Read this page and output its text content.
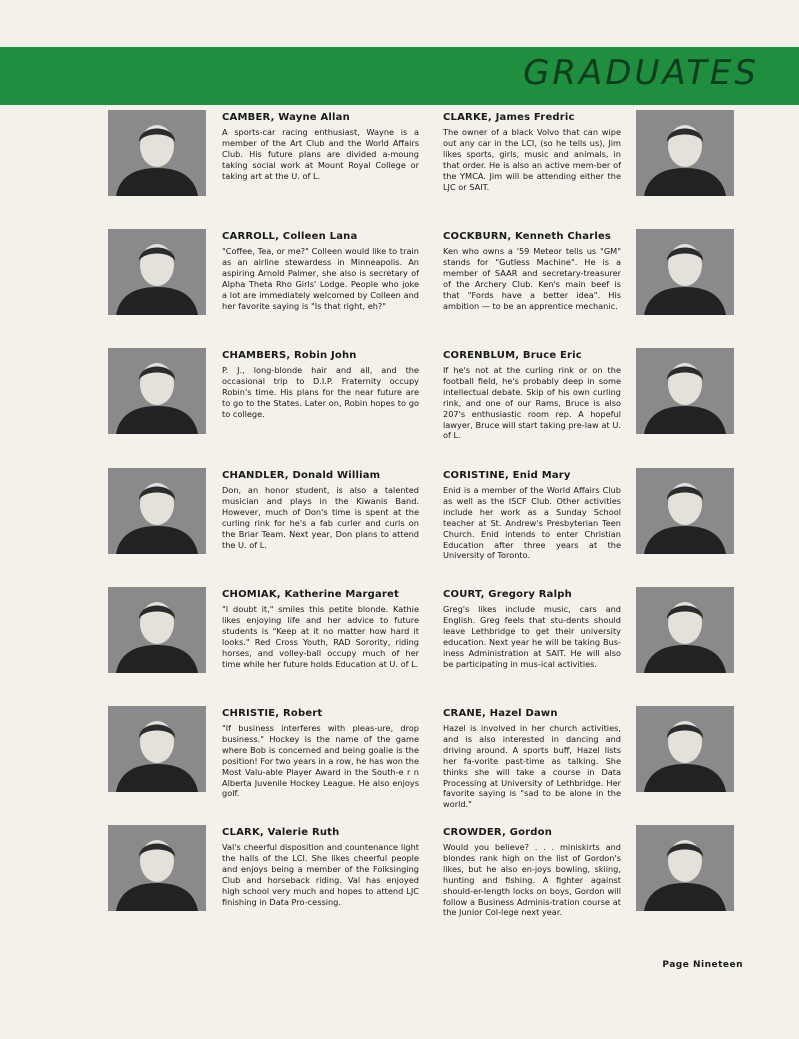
GRADUATES

CAMBER, Wayne Allan

A sports-car racing enthusiast, Wayne is a member of the Art Club and the World Affairs Club. His future plans are divided a-moung taking social work at Mount Royal College or taking art at the U. of L.

CARROLL, Colleen Lana

"Coffee, Tea, or me?" Colleen would like to train as an airline stewardess in Minneapolis. An aspiring Arnold Palmer, she also is secretary of Alpha Theta Rho Girls' Lodge. People who joke a lot are immediately welcomed by Colleen and her favorite saying is "Is that right, eh?"

CHAMBERS, Robin John

P. J., long-blonde hair and all, and the occasional trip to D.I.P. Fraternity occupy Robin's time. His plans for the near future are to go to the States. Later on, Robin hopes to go to college.

CHANDLER, Donald William

Don, an honor student, is also a talented musician and plays in the Kiwanis Band. However, much of Don's time is spent at the curling rink for he's a fab curler and curls on the Briar Team. Next year, Don plans to attend the U. of L.

CHOMIAK, Katherine Margaret

"I doubt it," smiles this petite blonde. Kathie likes enjoying life and her advice to future students is "Keep at it no matter how hard it looks." Red Cross Youth, RAD Sorority, riding horses, and volley-ball occupy much of her time while her future holds Education at U. of L.

CHRISTIE, Robert

"If business interferes with pleas-ure, drop business." Hockey is the name of the game where Bob is concerned and being goalie is the position! For two years in a row, he has won the Most Valu-able Player Award in the South-e r n Alberta Juvenile Hockey League. He also enjoys golf.

CLARK, Valerie Ruth

Val's cheerful disposition and countenance light the halls of the LCI. She likes cheerful people and enjoys being a member of the Folksinging Club and horseback riding. Val has enjoyed high school very much and hopes to attend LJC finishing in Data Pro-cessing.

CLARKE, James Fredric

The owner of a black Volvo that can wipe out any car in the LCI, (so he tells us), Jim likes sports, girls, music and animals, in that order. He is also an active mem-ber of the YMCA. Jim will be attending either the LJC or SAIT.

COCKBURN, Kenneth Charles

Ken who owns a '59 Meteor tells us "GM" stands for "Gutless Machine". He is a member of SAAR and secretary-treasurer of the Archery Club. Ken's main beef is that "Fords have a better idea". His ambition — to be an apprentice mechanic.

CORENBLUM, Bruce Eric

If he's not at the curling rink or on the football field, he's probably deep in some intellectual debate. Skip of his own curling rink, and one of our Rams, Bruce is also 207's enthusiastic room rep. A hopeful lawyer, Bruce will start taking pre-law at U. of L.

CORISTINE, Enid Mary

Enid is a member of the World Affairs Club as well as the ISCF Club. Other activities include her work as a Sunday School teacher at St. Andrew's Presbyterian Teen Church. Enid intends to enter Christian Education after three years at the University of Toronto.

COURT, Gregory Ralph

Greg's likes include music, cars and English. Greg feels that stu-dents should leave Lethbridge to get their university education. Next year he will be taking Bus-iness Administration at SAIT. He will also be participating in mus-ical activities.

CRANE, Hazel Dawn

Hazel is involved in her church activities, and is also interested in dancing and driving around. A sports buff, Hazel lists her fa-vorite past-time as talking. She thinks she will take a course in Data Processing at University of Lethbridge. Her favorite saying is "sad to be alone in the world."

CROWDER, Gordon

Would you believe? . . . miniskirts and blondes rank high on the list of Gordon's likes, but he also en-joys bowling, skiing, hunting and fishing. A fighter against should-er-length locks on boys, Gordon will follow a Business Adminis-tration course at the Junior Col-lege next year.

Page Nineteen
